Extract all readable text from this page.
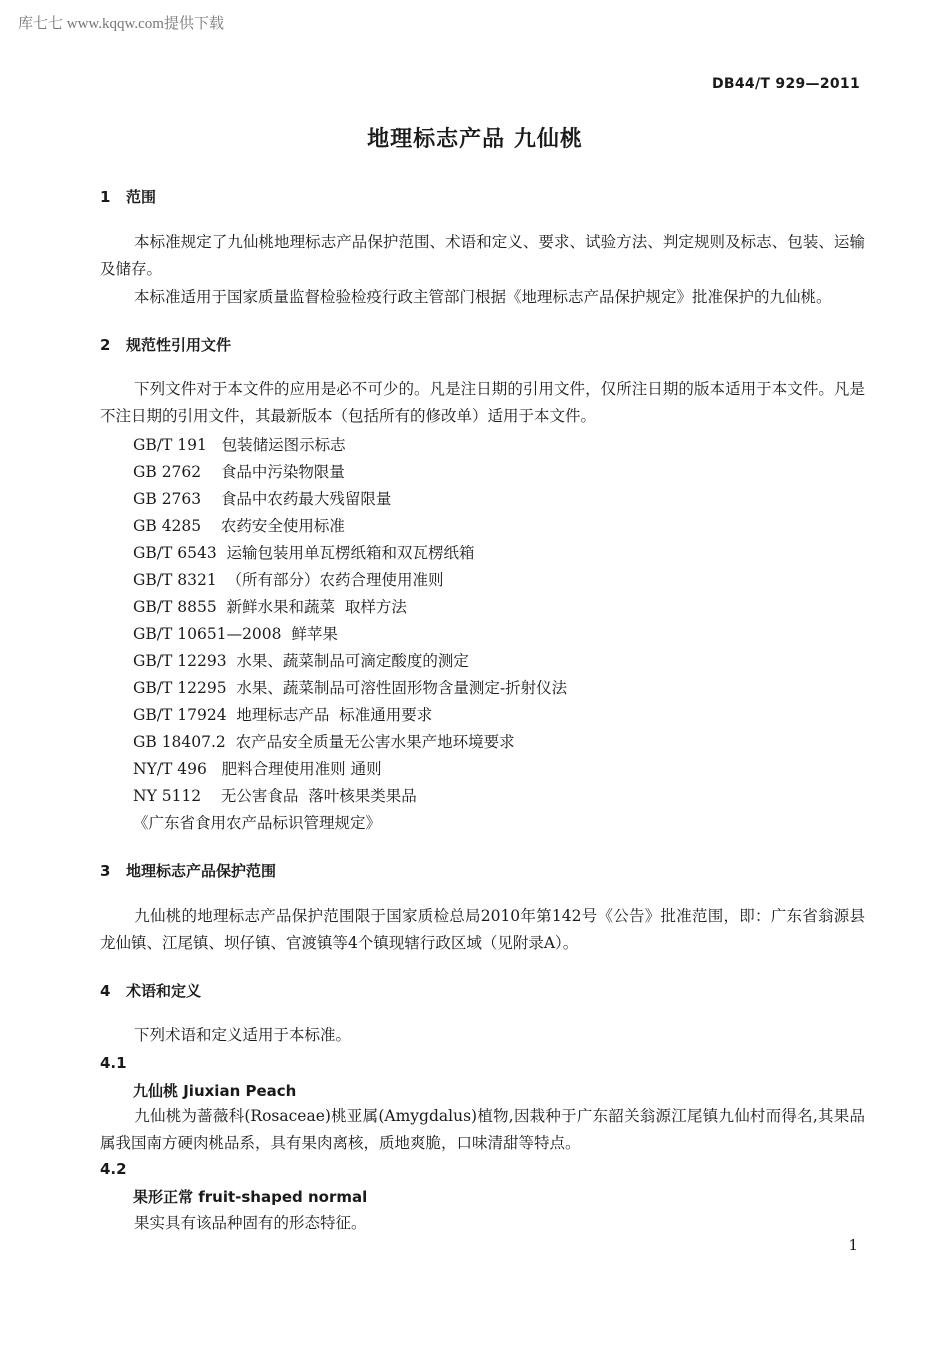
库七七 www.kqqw.com提供下载
DB44/T 929—2011
地理标志产品 九仙桃
1 范围
本标准规定了九仙桃地理标志产品保护范围、术语和定义、要求、试验方法、判定规则及标志、包装、运输及储存。
本标准适用于国家质量监督检验检疫行政主管部门根据《地理标志产品保护规定》批准保护的九仙桃。
2 规范性引用文件
下列文件对于本文件的应用是必不可少的。凡是注日期的引用文件，仅所注日期的版本适用于本文件。凡是不注日期的引用文件，其最新版本（包括所有的修改单）适用于本文件。
GB/T 191   包装储运图示标志
GB 2762    食品中污染物限量
GB 2763    食品中农药最大残留限量
GB 4285    农药安全使用标准
GB/T 6543  运输包装用单瓦楞纸箱和双瓦楞纸箱
GB/T 8321  （所有部分）农药合理使用准则
GB/T 8855  新鲜水果和蔬菜  取样方法
GB/T 10651—2008  鲜苹果
GB/T 12293  水果、蔬菜制品可滴定酸度的测定
GB/T 12295  水果、蔬菜制品可溶性固形物含量测定-折射仪法
GB/T 17924  地理标志产品  标准通用要求
GB 18407.2  农产品安全质量无公害水果产地环境要求
NY/T 496   肥料合理使用准则 通则
NY 5112    无公害食品  落叶核果类果品
《广东省食用农产品标识管理规定》
3 地理标志产品保护范围
九仙桃的地理标志产品保护范围限于国家质检总局2010年第142号《公告》批准范围，即：广东省翁源县龙仙镇、江尾镇、坝仔镇、官渡镇等4个镇现辖行政区域（见附录A）。
4 术语和定义
下列术语和定义适用于本标准。
4.1
九仙桃 Jiuxian Peach
九仙桃为蔷薇科(Rosaceae)桃亚属(Amygdalus)植物,因栽种于广东韶关翁源江尾镇九仙村而得名,其果品属我国南方硬肉桃品系，具有果肉离核，质地爽脆，口味清甜等特点。
4.2
果形正常 fruit-shaped normal
果实具有该品种固有的形态特征。
1
